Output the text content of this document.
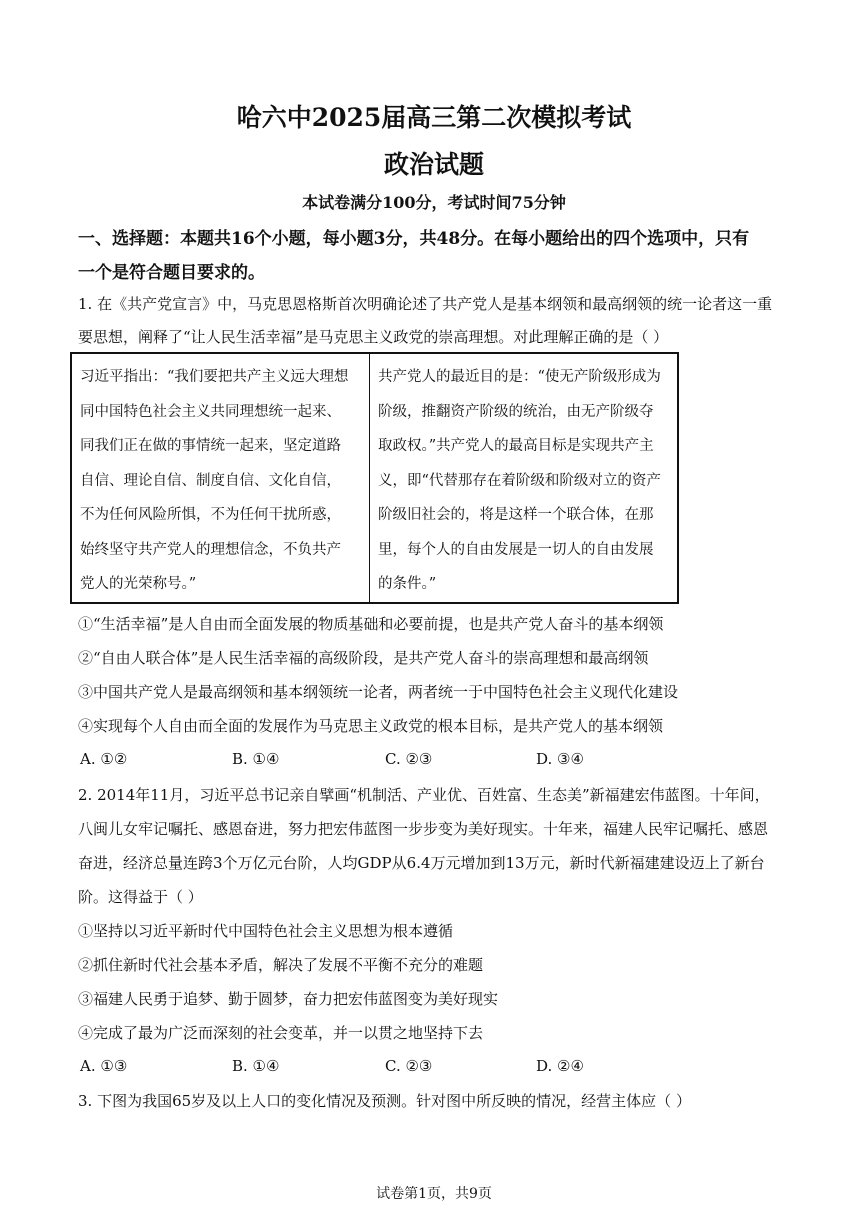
哈六中2025届高三第二次模拟考试
政治试题
本试卷满分100分，考试时间75分钟
一、选择题：本题共16个小题，每小题3分，共48分。在每小题给出的四个选项中，只有
一个是符合题目要求的。
1. 在《共产党宣言》中，马克思恩格斯首次明确论述了共产党人是基本纲领和最高纲领的统一论者这一重
要思想，阐释了“让人民生活幸福”是马克思主义政党的崇高理想。对此理解正确的是（ ）
习近平指出：“我们要把共产主义远大理想
同中国特色社会主义共同理想统一起来、
同我们正在做的事情统一起来，坚定道路
自信、理论自信、制度自信、文化自信，
不为任何风险所惧，不为任何干扰所惑，
始终坚守共产党人的理想信念，不负共产
党人的光荣称号。”

共产党人的最近目的是：“使无产阶级形成为
阶级，推翻资产阶级的统治，由无产阶级夺
取政权。”共产党人的最高目标是实现共产主
义，即“代替那存在着阶级和阶级对立的资产
阶级旧社会的，将是这样一个联合体，在那
里，每个人的自由发展是一切人的自由发展
的条件。”
①“生活幸福”是人自由而全面发展的物质基础和必要前提，也是共产党人奋斗的基本纲领
②“自由人联合体”是人民生活幸福的高级阶段，是共产党人奋斗的崇高理想和最高纲领
③中国共产党人是最高纲领和基本纲领统一论者，两者统一于中国特色社会主义现代化建设
④实现每个人自由而全面的发展作为马克思主义政党的根本目标，是共产党人的基本纲领
A. ①②	B. ①④	C. ②③	D. ③④
2. 2014年11月，习近平总书记亲自擘画“机制活、产业优、百姓富、生态美”新福建宏伟蓝图。十年间，
八闽儿女牢记嘱托、感恩奋进，努力把宏伟蓝图一步步变为美好现实。十年来，福建人民牢记嘱托、感恩
奋进，经济总量连跨3个万亿元台阶，人均GDP从6.4万元增加到13万元，新时代新福建建设迈上了新台
阶。这得益于（ ）
①坚持以习近平新时代中国特色社会主义思想为根本遵循
②抓住新时代社会基本矛盾，解决了发展不平衡不充分的难题
③福建人民勇于追梦、勤于圆梦，奋力把宏伟蓝图变为美好现实
④完成了最为广泛而深刻的社会变革，并一以贯之地坚持下去
A. ①③	B. ①④	C. ②③	D. ②④
3. 下图为我国65岁及以上人口的变化情况及预测。针对图中所反映的情况，经营主体应（ ）
试卷第1页，共9页
